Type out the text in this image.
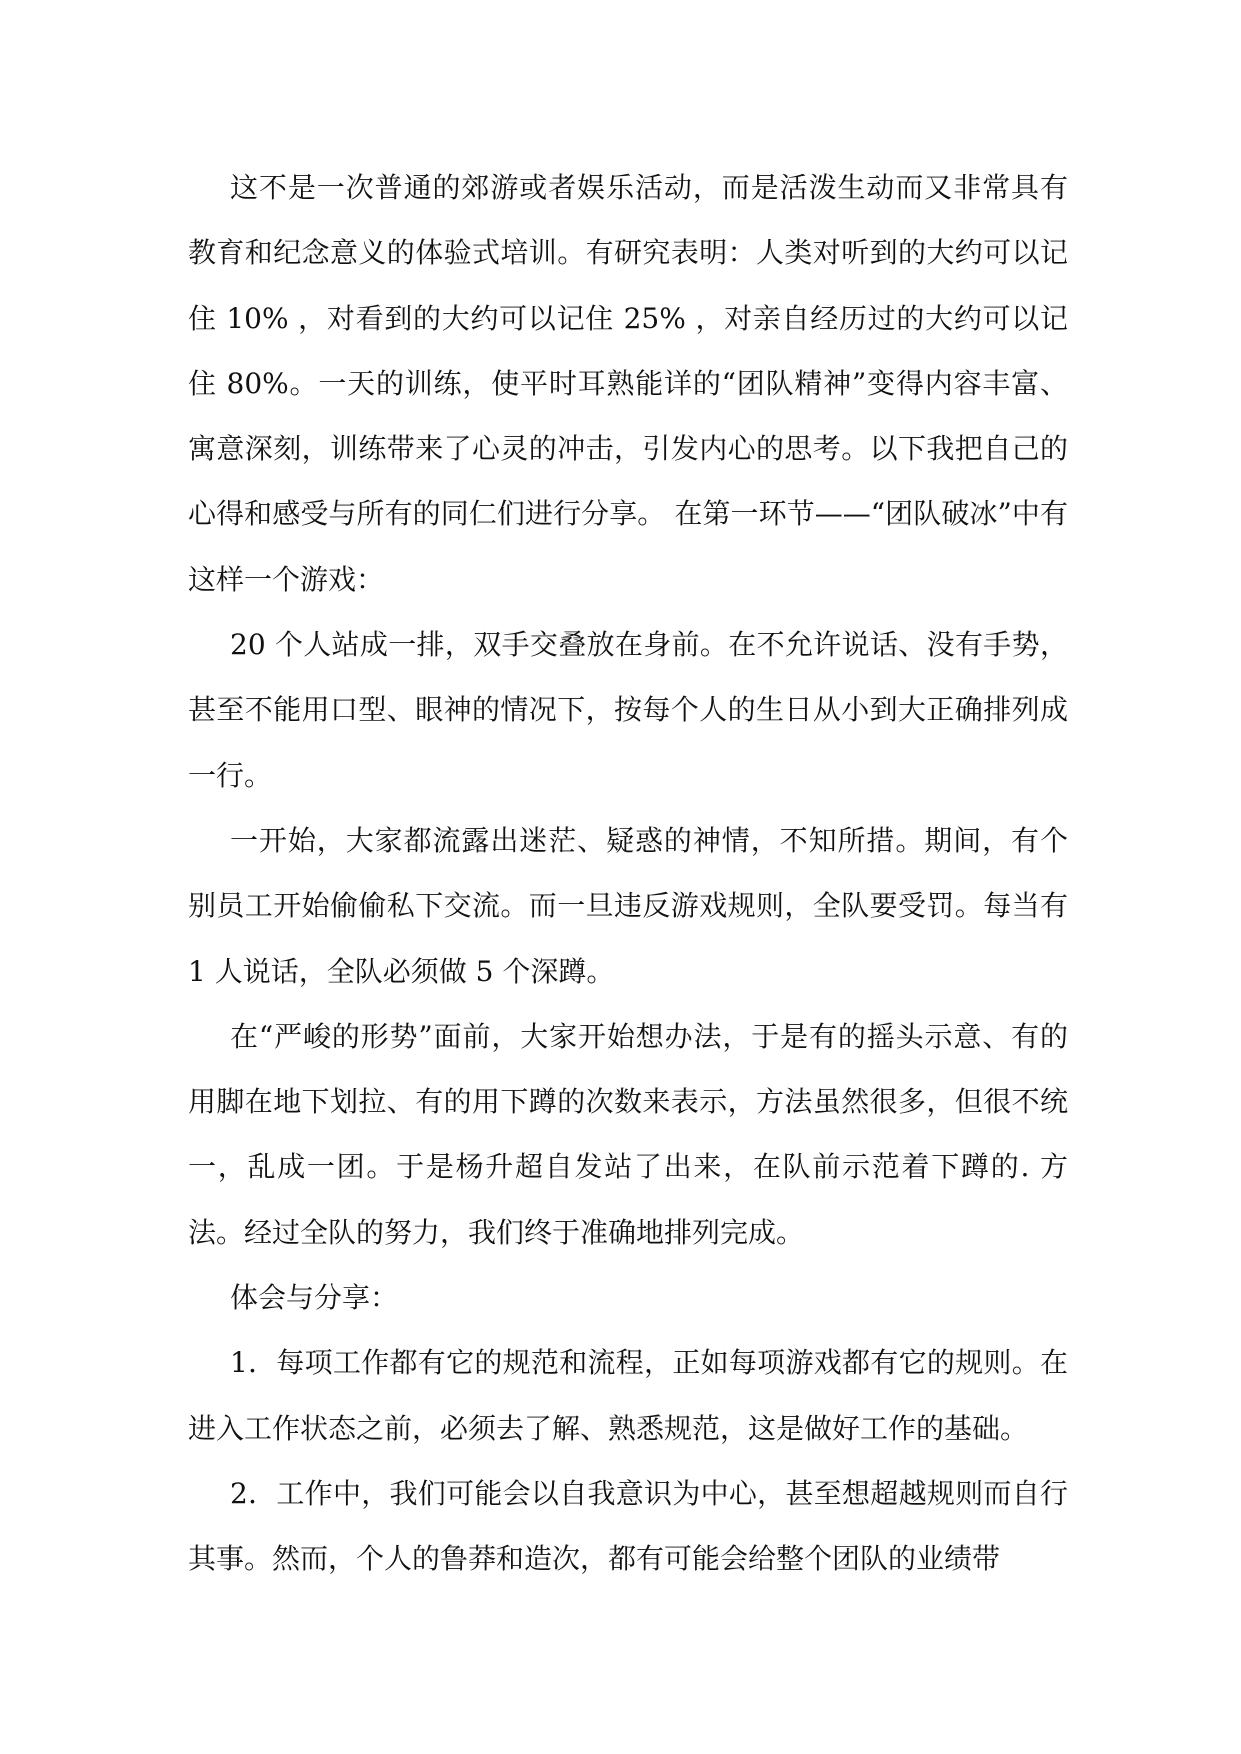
这不是一次普通的郊游或者娱乐活动，而是活泼生动而又非常具有教育和纪念意义的体验式培训。有研究表明：人类对听到的大约可以记住 10% ，对看到的大约可以记住 25% ，对亲自经历过的大约可以记住 80%。一天的训练，使平时耳熟能详的“团队精神”变得内容丰富、寓意深刻，训练带来了心灵的冲击，引发内心的思考。以下我把自己的心得和感受与所有的同仁们进行分享。 在第一环节——“团队破冰”中有这样一个游戏：

20 个人站成一排，双手交叠放在身前。在不允许说话、没有手势，甚至不能用口型、眼神的情况下，按每个人的生日从小到大正确排列成一行。

一开始，大家都流露出迷茫、疑惑的神情，不知所措。期间，有个别员工开始偷偷私下交流。而一旦违反游戏规则，全队要受罚。每当有 1 人说话，全队必须做 5 个深蹲。

在“严峻的形势”面前，大家开始想办法，于是有的摇头示意、有的用脚在地下划拉、有的用下蹲的次数来表示，方法虽然很多，但很不统一，乱成一团。于是杨升超自发站了出来，在队前示范着下蹲的. 方法。经过全队的努力，我们终于准确地排列完成。

体会与分享：

1．每项工作都有它的规范和流程，正如每项游戏都有它的规则。在进入工作状态之前，必须去了解、熟悉规范，这是做好工作的基础。

2．工作中，我们可能会以自我意识为中心，甚至想超越规则而自行其事。然而，个人的鲁莽和造次，都有可能会给整个团队的业绩带
